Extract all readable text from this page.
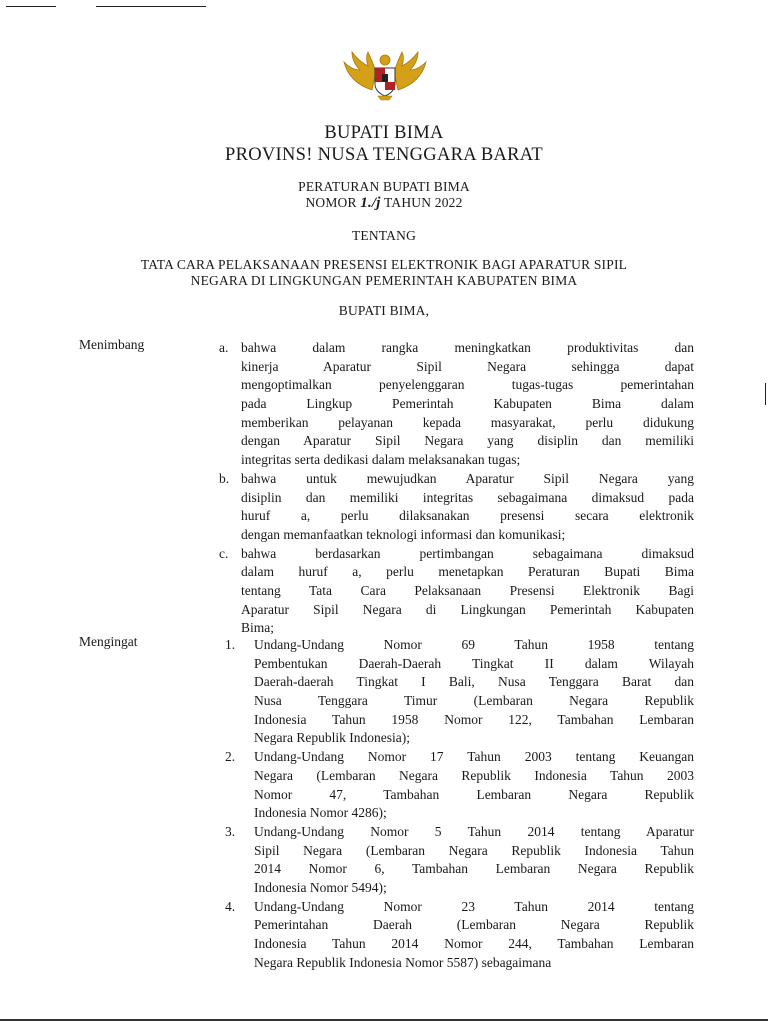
BUPATI BIMA
PROVINS! NUSA TENGGARA BARAT
PERATURAN BUPATI BIMA
NOMOR 1./j TAHUN 2022
TENTANG
TATA CARA PELAKSANAAN PRESENSI ELEKTRONIK BAGI APARATUR SIPIL
NEGARA DI LINGKUNGAN PEMERINTAH KABUPATEN BIMA
BUPATI BIMA,
Menimbang	a. bahwa dalam rangka meningkatkan produktivitas dan
kinerja Aparatur Sipil Negara sehingga dapat
mengoptimalkan penyelenggaran tugas-tugas pemerintahan
pada Lingkup Pemerintah Kabupaten Bima dalam
memberikan pelayanan kepada masyarakat, perlu didukung
dengan Aparatur Sipil Negara yang disiplin dan memiliki
integritas serta dedikasi dalam melaksanakan tugas;
b. bahwa untuk mewujudkan Aparatur Sipil Negara yang
disiplin dan memiliki integritas sebagaimana dimaksud pada
huruf a, perlu dilaksanakan presensi secara elektronik
dengan memanfaatkan teknologi informasi dan komunikasi;
c. bahwa berdasarkan pertimbangan sebagaimana dimaksud
dalam huruf a, perlu menetapkan Peraturan Bupati Bima
tentang Tata Cara Pelaksanaan Presensi Elektronik Bagi
Aparatur Sipil Negara di Lingkungan Pemerintah Kabupaten
Bima;
Mengingat	1. Undang-Undang Nomor 69 Tahun 1958 tentang
Pembentukan Daerah-Daerah Tingkat II dalam Wilayah
Daerah-daerah Tingkat I Bali, Nusa Tenggara Barat dan
Nusa Tenggara Timur (Lembaran Negara Republik
Indonesia Tahun 1958 Nomor 122, Tambahan Lembaran
Negara Republik Indonesia);
2. Undang-Undang Nomor 17 Tahun 2003 tentang Keuangan
Negara (Lembaran Negara Republik Indonesia Tahun 2003
Nomor 47, Tambahan Lembaran Negara Republik
Indonesia Nomor 4286);
3. Undang-Undang Nomor 5 Tahun 2014 tentang Aparatur
Sipil Negara (Lembaran Negara Republik Indonesia Tahun
2014 Nomor 6, Tambahan Lembaran Negara Republik
Indonesia Nomor 5494);
4. Undang-Undang Nomor 23 Tahun 2014 tentang
Pemerintahan Daerah (Lembaran Negara Republik
Indonesia Tahun 2014 Nomor 244, Tambahan Lembaran
Negara Republik Indonesia Nomor 5587) sebagaimana
